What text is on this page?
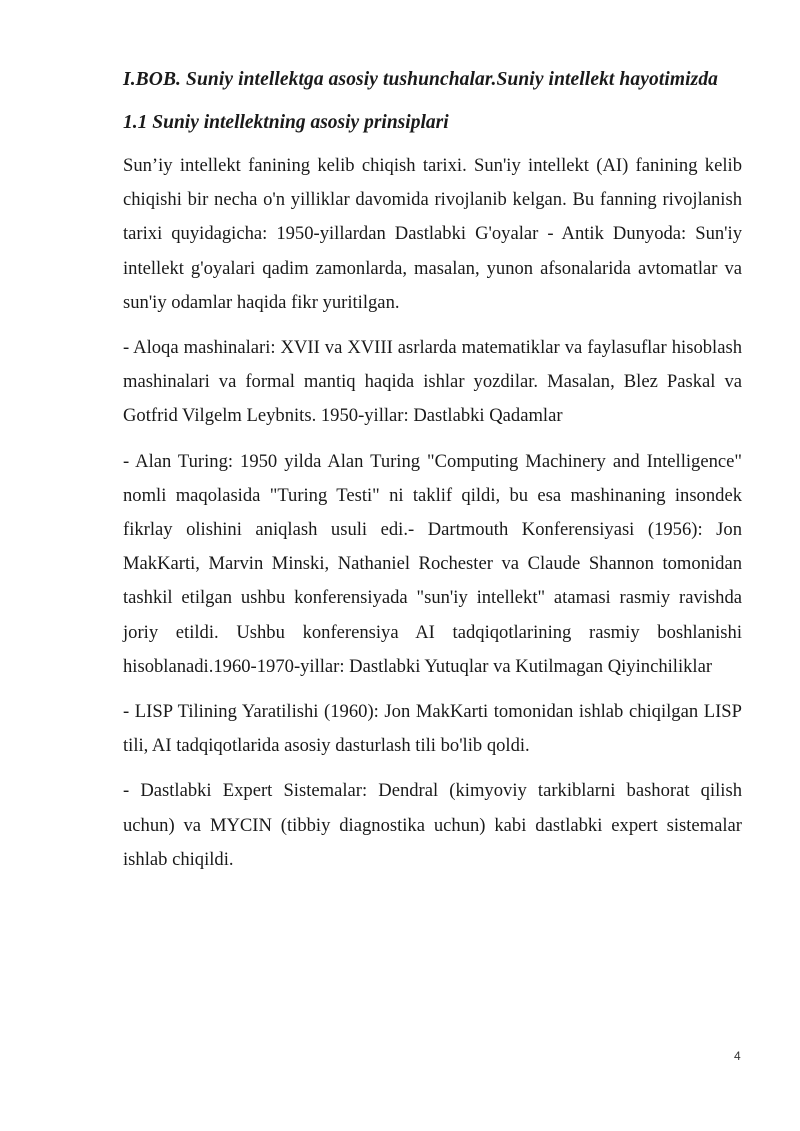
I.BOB. Suniy intellektga asosiy tushunchalar.Suniy intellekt hayotimizda
1.1 Suniy intellektning asosiy prinsiplari

Sun’iy intellekt fanining kelib chiqish tarixi. Sun'iy intellekt (AI) fanining kelib chiqishi bir necha o'n yilliklar davomida rivojlanib kelgan. Bu fanning rivojlanish tarixi quyidagicha: 1950-yillardan Dastlabki G'oyalar - Antik Dunyoda: Sun'iy intellekt g'oyalari qadim zamonlarda, masalan, yunon afsonalarida avtomatlar va sun'iy odamlar haqida fikr yuritilgan.

- Aloqa mashinalari: XVII va XVIII asrlarda matematiklar va faylasuflar hisoblash mashinalari va formal mantiq haqida ishlar yozdilar. Masalan, Blez Paskal va Gotfrid Vilgelm Leybnits. 1950-yillar: Dastlabki Qadamlar

- Alan Turing: 1950 yilda Alan Turing "Computing Machinery and Intelligence" nomli maqolasida "Turing Testi" ni taklif qildi, bu esa mashinaning insondek fikrlay olishini aniqlash usuli edi.- Dartmouth Konferensiyasi (1956): Jon MakKarti, Marvin Minski, Nathaniel Rochester va Claude Shannon tomonidan tashkil etilgan ushbu konferensiyada "sun'iy intellekt" atamasi rasmiy ravishda joriy etildi. Ushbu konferensiya AI tadqiqotlarining rasmiy boshlanishi hisoblanadi.1960-1970-yillar: Dastlabki Yutuqlar va Kutilmagan Qiyinchiliklar

- LISP Tilining Yaratilishi (1960): Jon MakKarti tomonidan ishlab chiqilgan LISP tili, AI tadqiqotlarida asosiy dasturlash tili bo'lib qoldi.

- Dastlabki Expert Sistemalar: Dendral (kimyoviy tarkiblarni bashorat qilish uchun) va MYCIN (tibbiy diagnostika uchun) kabi dastlabki expert sistemalar ishlab chiqildi.

4
